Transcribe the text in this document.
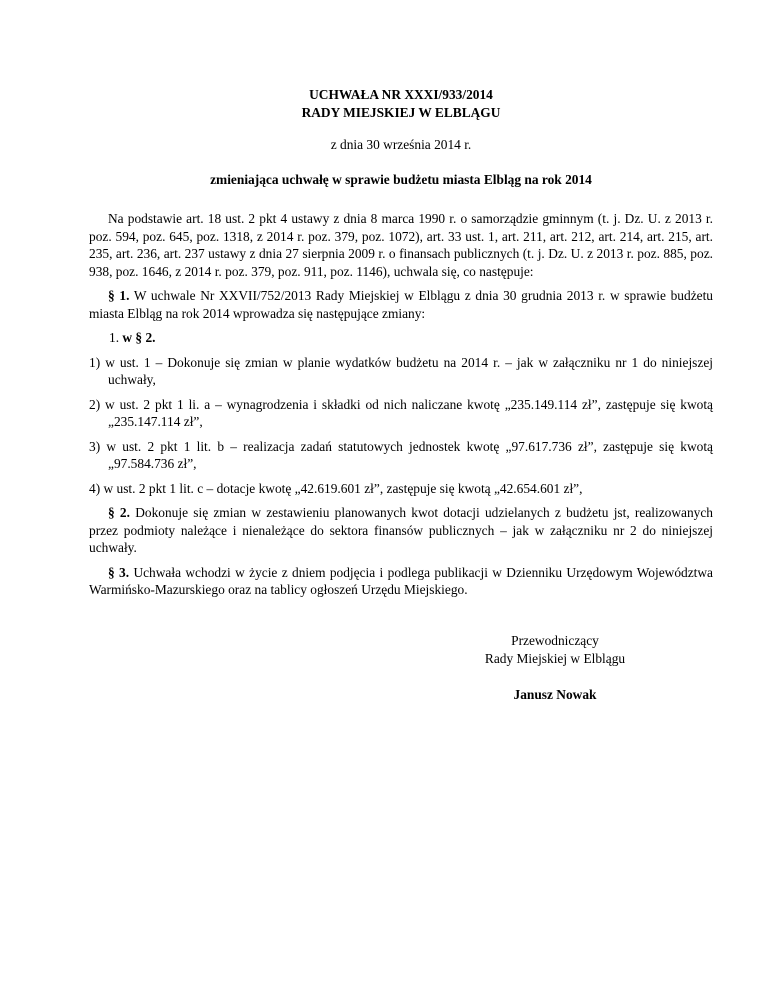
UCHWAŁA NR XXXI/933/2014
RADY MIEJSKIEJ W ELBLĄGU
z dnia 30 września 2014 r.
zmieniająca uchwałę w sprawie budżetu miasta Elbląg na rok 2014
Na podstawie art. 18 ust. 2 pkt 4 ustawy z dnia 8 marca 1990 r. o samorządzie gminnym (t. j. Dz. U. z 2013 r. poz. 594, poz. 645, poz. 1318, z 2014 r. poz. 379, poz. 1072), art. 33 ust. 1, art. 211, art. 212, art. 214, art. 215, art. 235, art. 236, art. 237 ustawy z dnia 27 sierpnia 2009 r. o finansach publicznych (t. j. Dz. U. z 2013 r. poz. 885, poz. 938, poz. 1646, z 2014 r. poz. 379, poz. 911, poz. 1146), uchwala się, co następuje:
§ 1. W uchwale Nr XXVII/752/2013 Rady Miejskiej w Elblągu z dnia 30 grudnia 2013 r. w sprawie budżetu miasta Elbląg na rok 2014 wprowadza się następujące zmiany:
1. w § 2.
1) w ust. 1 – Dokonuje się zmian w planie wydatków budżetu na 2014 r. – jak w załączniku nr 1 do niniejszej uchwały,
2) w ust. 2 pkt 1 li. a – wynagrodzenia i składki od nich naliczane kwotę „235.149.114 zł”, zastępuje się kwotą „235.147.114 zł”,
3) w ust. 2 pkt 1 lit. b – realizacja zadań statutowych jednostek kwotę „97.617.736 zł”, zastępuje się kwotą „97.584.736 zł”,
4) w ust. 2 pkt 1 lit. c – dotacje kwotę „42.619.601 zł”, zastępuje się kwotą „42.654.601 zł”,
§ 2. Dokonuje się zmian w zestawieniu planowanych kwot dotacji udzielanych z budżetu jst, realizowanych przez podmioty należące i nienależące do sektora finansów publicznych – jak w załączniku nr 2 do niniejszej uchwały.
§ 3. Uchwała wchodzi w życie z dniem podjęcia i podlega publikacji w Dzienniku Urzędowym Województwa Warmińsko-Mazurskiego oraz na tablicy ogłoszeń Urzędu Miejskiego.
Przewodniczący
Rady Miejskiej w Elblągu
Janusz Nowak
